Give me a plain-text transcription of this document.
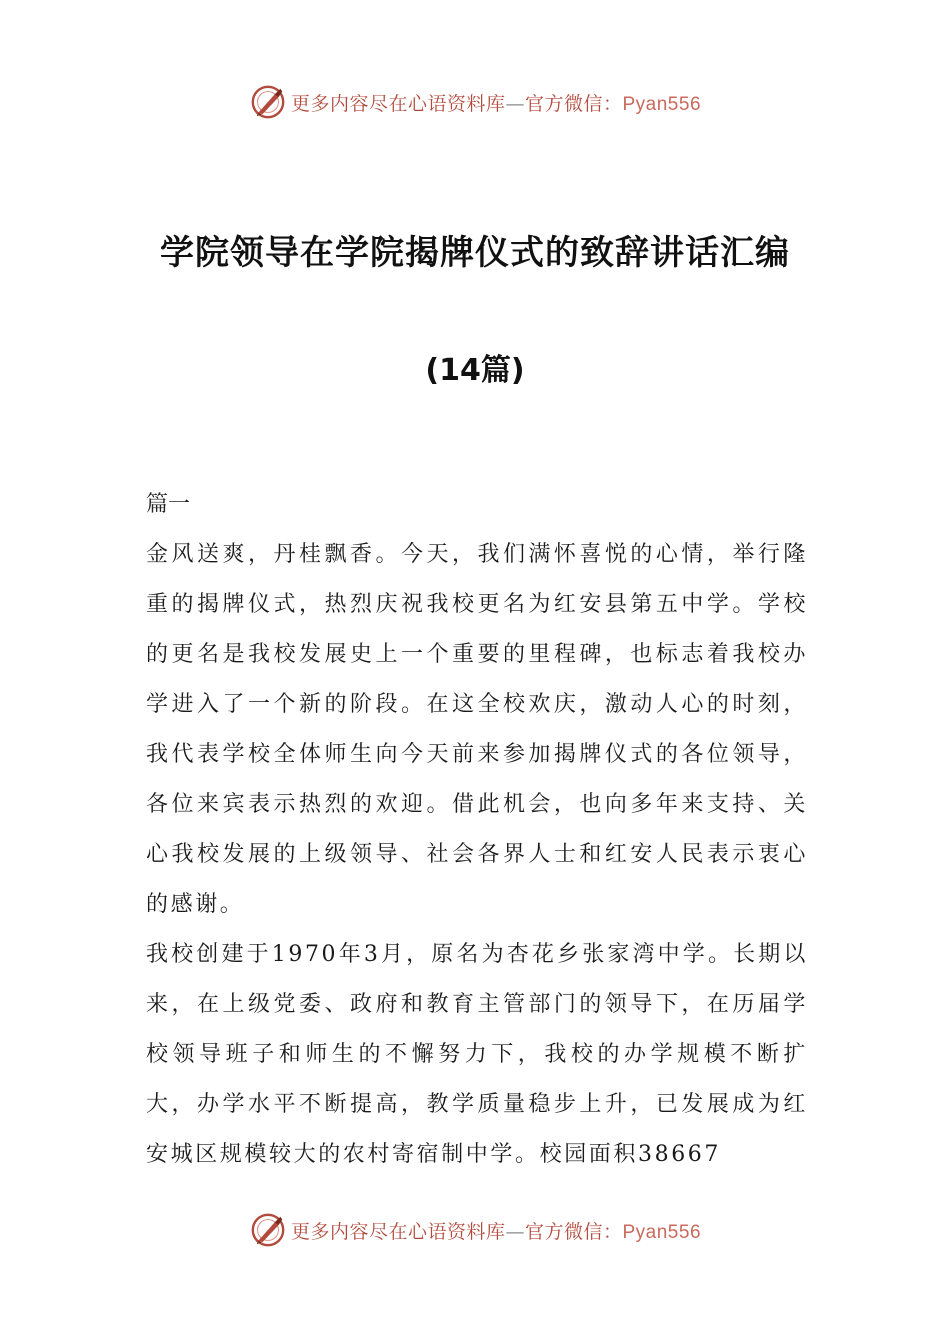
更多内容尽在心语资料库—官方微信：Pyan556
学院领导在学院揭牌仪式的致辞讲话汇编
(14篇)

篇一

金风送爽，丹桂飘香。今天，我们满怀喜悦的心情，举行隆重的揭牌仪式，热烈庆祝我校更名为红安县第五中学。学校的更名是我校发展史上一个重要的里程碑，也标志着我校办学进入了一个新的阶段。在这全校欢庆，激动人心的时刻，我代表学校全体师生向今天前来参加揭牌仪式的各位领导，各位来宾表示热烈的欢迎。借此机会，也向多年来支持、关心我校发展的上级领导、社会各界人士和红安人民表示衷心的感谢。

我校创建于1970年3月，原名为杏花乡张家湾中学。长期以来，在上级党委、政府和教育主管部门的领导下，在历届学校领导班子和师生的不懈努力下，我校的办学规模不断扩大，办学水平不断提高，教学质量稳步上升，已发展成为红安城区规模较大的农村寄宿制中学。校园面积38667

更多内容尽在心语资料库—官方微信：Pyan556
